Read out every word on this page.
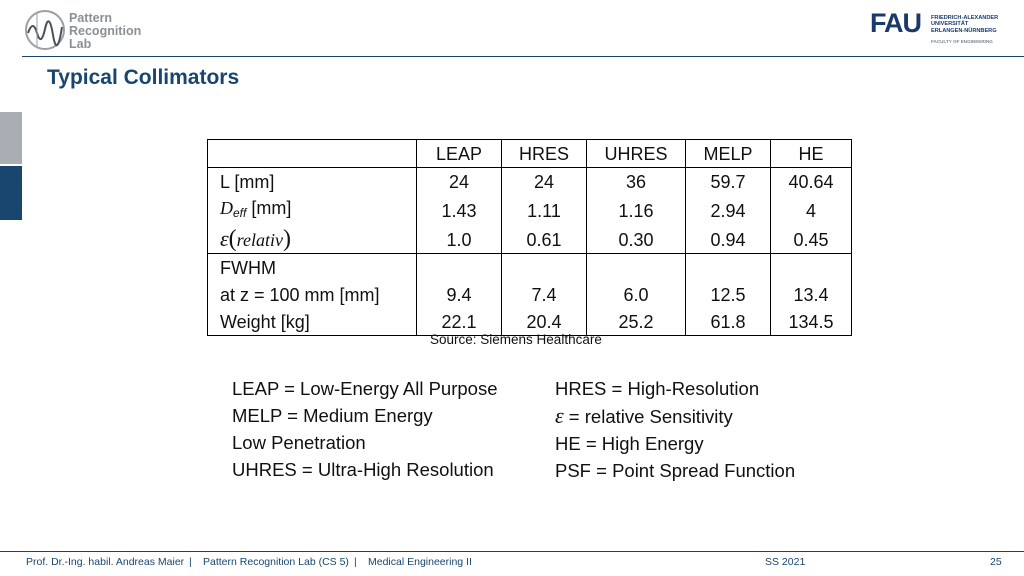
Pattern
Recognition
Lab
FAU FRIEDRICH-ALEXANDER
UNIVERSITÄT
ERLANGEN-NÜRNBERG
FACULTY OF ENGINEERING
Typical Collimators
	LEAP	HRES	UHRES	MELP	HE
L [mm]	24	24	36	59.7	40.64
$D_{eff}$ [mm]	1.43	1.11	1.16	2.94	4
ε(relativ)	1.0	0.61	0.30	0.94	0.45
FWHM					
at z = 100 mm [mm]	9.4	7.4	6.0	12.5	13.4
Weight [kg]	22.1	20.4	25.2	61.8	134.5
Source: Siemens Healthcare
LEAP = Low-Energy All Purpose
MELP = Medium Energy
Low Penetration
UHRES = Ultra-High Resolution
HRES = High-Resolution
ε = relative Sensitivity
HE = High Energy
PSF = Point Spread Function
Prof. Dr.-Ing. habil. Andreas Maier | Pattern Recognition Lab (CS 5) | Medical Engineering II	SS 2021	25
